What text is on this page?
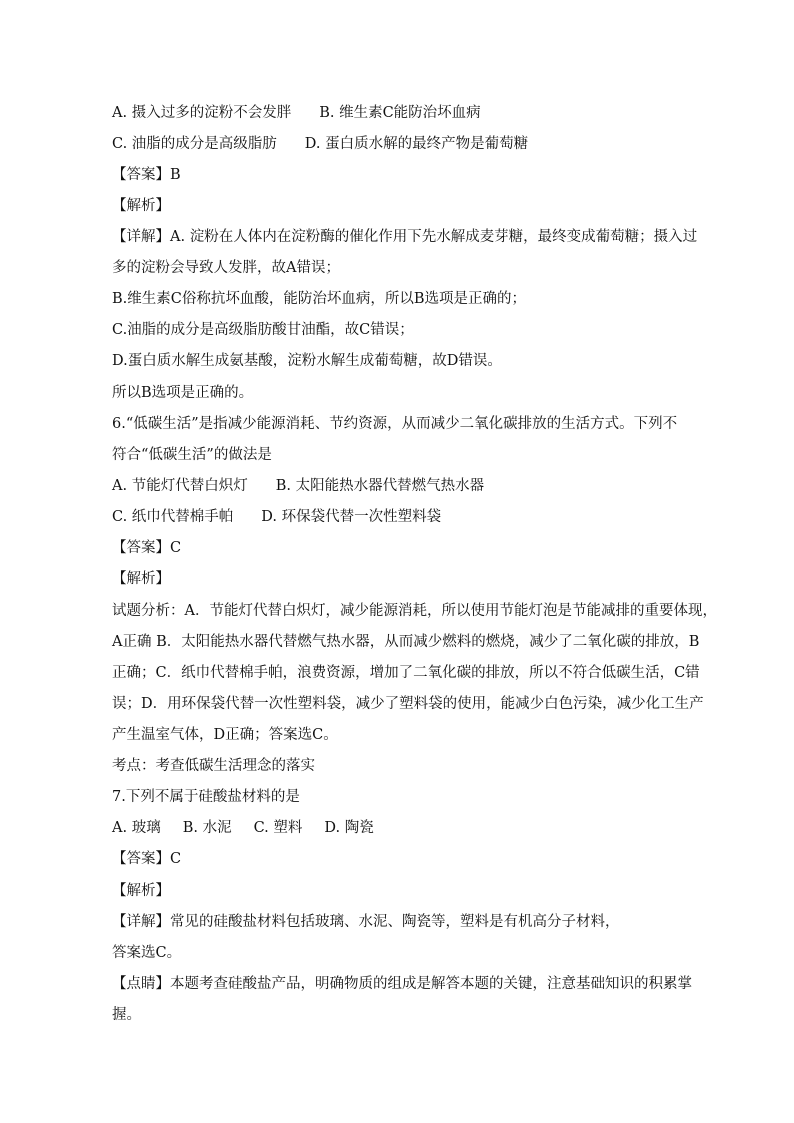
A. 摄入过多的淀粉不会发胖 B. 维生素C能防治坏血病
C. 油脂的成分是高级脂肪 D. 蛋白质水解的最终产物是葡萄糖
【答案】B
【解析】
【详解】A. 淀粉在人体内在淀粉酶的催化作用下先水解成麦芽糖，最终变成葡萄糖；摄入过
多的淀粉会导致人发胖，故A错误；
B.维生素C俗称抗坏血酸，能防治坏血病，所以B选项是正确的；
C.油脂的成分是高级脂肪酸甘油酯，故C错误；
D.蛋白质水解生成氨基酸，淀粉水解生成葡萄糖，故D错误。
所以B选项是正确的。
6.“低碳生活”是指减少能源消耗、节约资源，从而减少二氧化碳排放的生活方式。下列不
符合“低碳生活”的做法是
A. 节能灯代替白炽灯 B. 太阳能热水器代替燃气热水器
C. 纸巾代替棉手帕 D. 环保袋代替一次性塑料袋
【答案】C
【解析】
试题分析：A．节能灯代替白炽灯，减少能源消耗，所以使用节能灯泡是节能减排的重要体现，
A正确 B．太阳能热水器代替燃气热水器，从而减少燃料的燃烧，减少了二氧化碳的排放，B
正确；C．纸巾代替棉手帕，浪费资源，增加了二氧化碳的排放，所以不符合低碳生活，C错
误；D．用环保袋代替一次性塑料袋，减少了塑料袋的使用，能减少白色污染，减少化工生产
产生温室气体，D正确；答案选C。
考点：考查低碳生活理念的落实
7.下列不属于硅酸盐材料的是
A. 玻璃 B. 水泥 C. 塑料 D. 陶瓷
【答案】C
【解析】
【详解】常见的硅酸盐材料包括玻璃、水泥、陶瓷等，塑料是有机高分子材料，
答案选C。
【点睛】本题考查硅酸盐产品，明确物质的组成是解答本题的关键，注意基础知识的积累掌
握。
